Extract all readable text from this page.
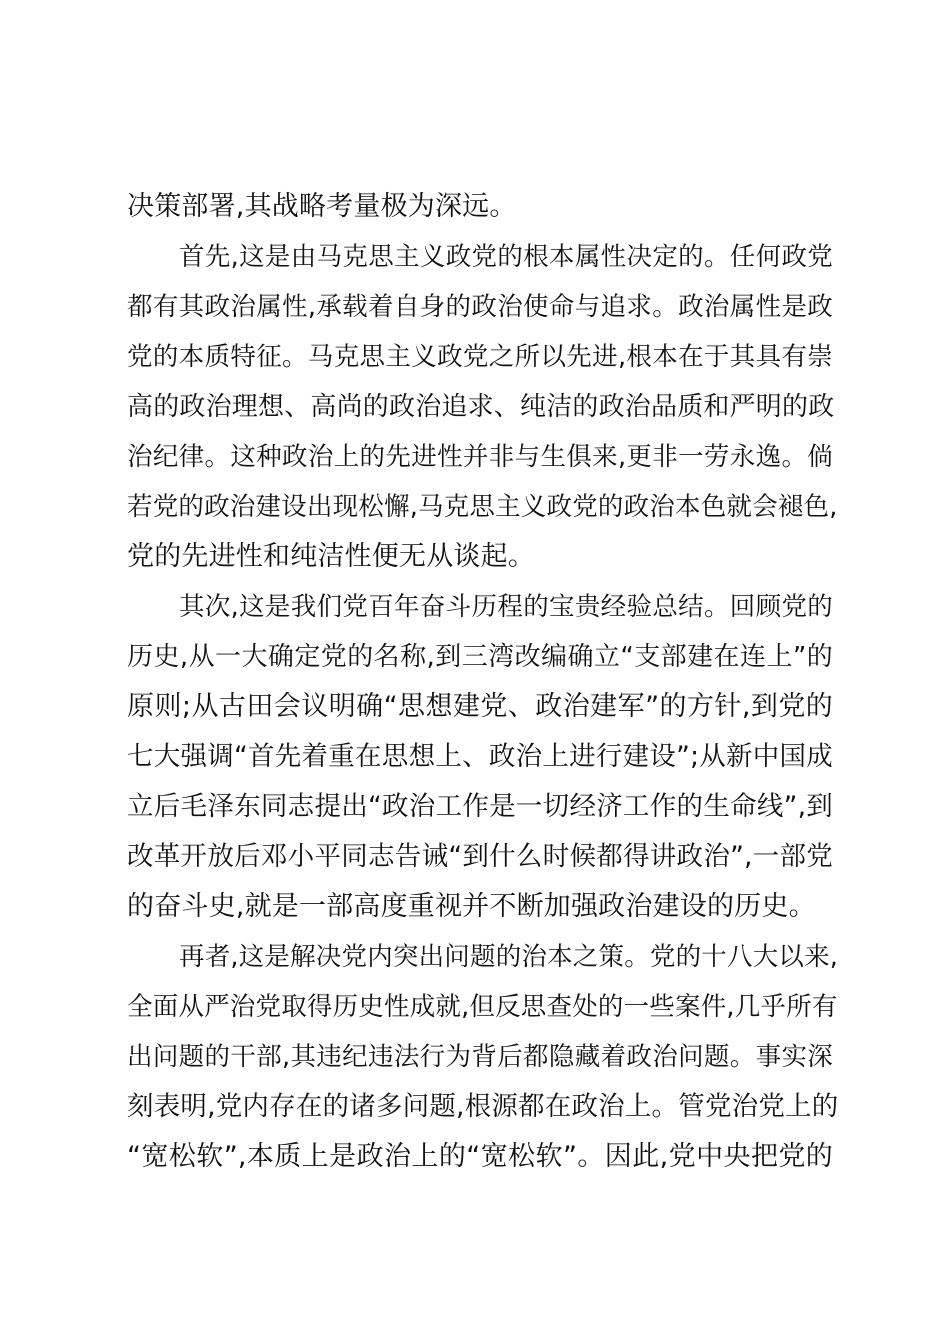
决策部署,其战略考量极为深远。
首先,这是由马克思主义政党的根本属性决定的。任何政党
都有其政治属性,承载着自身的政治使命与追求。政治属性是政
党的本质特征。马克思主义政党之所以先进,根本在于其具有崇
高的政治理想、高尚的政治追求、纯洁的政治品质和严明的政
治纪律。这种政治上的先进性并非与生俱来,更非一劳永逸。倘
若党的政治建设出现松懈,马克思主义政党的政治本色就会褪色,
党的先进性和纯洁性便无从谈起。
其次,这是我们党百年奋斗历程的宝贵经验总结。回顾党的
历史,从一大确定党的名称,到三湾改编确立“支部建在连上”的
原则;从古田会议明确“思想建党、政治建军”的方针,到党的
七大强调“首先着重在思想上、政治上进行建设”;从新中国成
立后毛泽东同志提出“政治工作是一切经济工作的生命线”,到
改革开放后邓小平同志告诫“到什么时候都得讲政治”,一部党
的奋斗史,就是一部高度重视并不断加强政治建设的历史。
再者,这是解决党内突出问题的治本之策。党的十八大以来,
全面从严治党取得历史性成就,但反思查处的一些案件,几乎所有
出问题的干部,其违纪违法行为背后都隐藏着政治问题。事实深
刻表明,党内存在的诸多问题,根源都在政治上。管党治党上的
“宽松软”,本质上是政治上的“宽松软”。因此,党中央把党的
